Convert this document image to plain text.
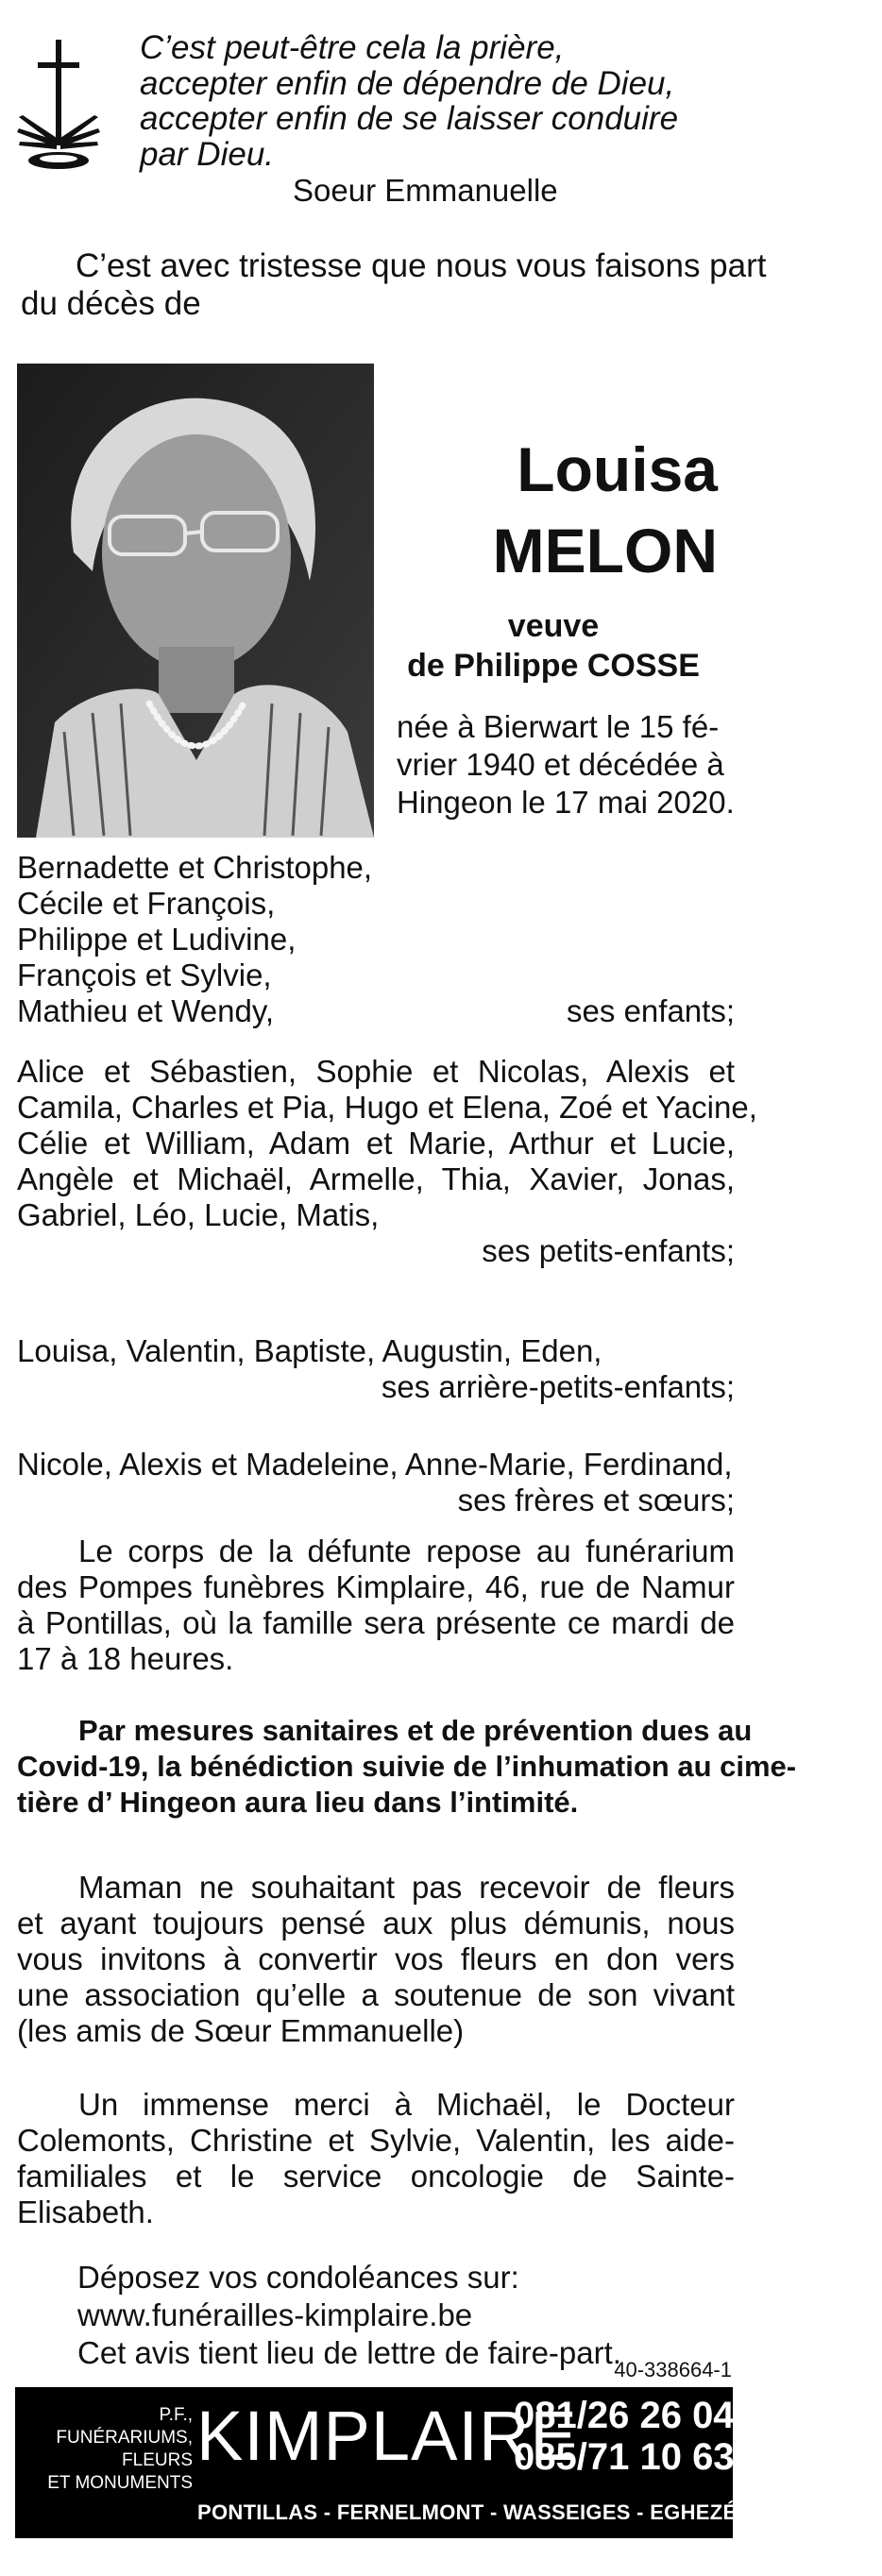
C’est peut-être cela la prière,
accepter enfin de dépendre de Dieu,
accepter enfin de se laisser conduire
par Dieu.
Soeur Emmanuelle
C’est avec tristesse que nous vous faisons part
du décès de
Louisa
MELON
veuve
de Philippe COSSE
née à Bierwart le 15 fé-
vrier 1940 et décédée à
Hingeon le 17 mai 2020.
Bernadette et Christophe,
Cécile et François,
Philippe et Ludivine,
François et Sylvie,
Mathieu et Wendy,	ses enfants;
Alice et Sébastien, Sophie et Nicolas, Alexis et
Camila, Charles et Pia, Hugo et Elena, Zoé et Yacine,
Célie et William, Adam et Marie, Arthur et Lucie,
Angèle et Michaël, Armelle, Thia, Xavier, Jonas,
Gabriel, Léo, Lucie, Matis,
ses petits-enfants;
Louisa, Valentin, Baptiste, Augustin, Eden,
ses arrière-petits-enfants;
Nicole, Alexis et Madeleine, Anne-Marie, Ferdinand,
ses frères et sœurs;
Le corps de la défunte repose au funérarium
des Pompes funèbres Kimplaire, 46, rue de Namur
à Pontillas, où la famille sera présente ce mardi de
17 à 18 heures.
Par mesures sanitaires et de prévention dues au
Covid-19, la bénédiction suivie de l’inhumation au cime-
tière d’ Hingeon aura lieu dans l’intimité.
Maman ne souhaitant pas recevoir de fleurs
et ayant toujours pensé aux plus démunis, nous
vous invitons à convertir vos fleurs en don vers
une association qu’elle a soutenue de son vivant
(les amis de Sœur Emmanuelle)
Un immense merci à Michaël, le Docteur
Colemonts, Christine et Sylvie, Valentin, les aide-
familiales et le service oncologie de Sainte-
Elisabeth.
Déposez vos condoléances sur:
www.funérailles-kimplaire.be
Cet avis tient lieu de lettre de faire-part.
40-338664-1
P.F.,
FUNÉRARIUMS,
FLEURS
ET MONUMENTS
KIMPLAIRE
081/26 26 04
085/71 10 63
PONTILLAS - FERNELMONT - WASSEIGES - EGHEZÉE - BURDINNE
